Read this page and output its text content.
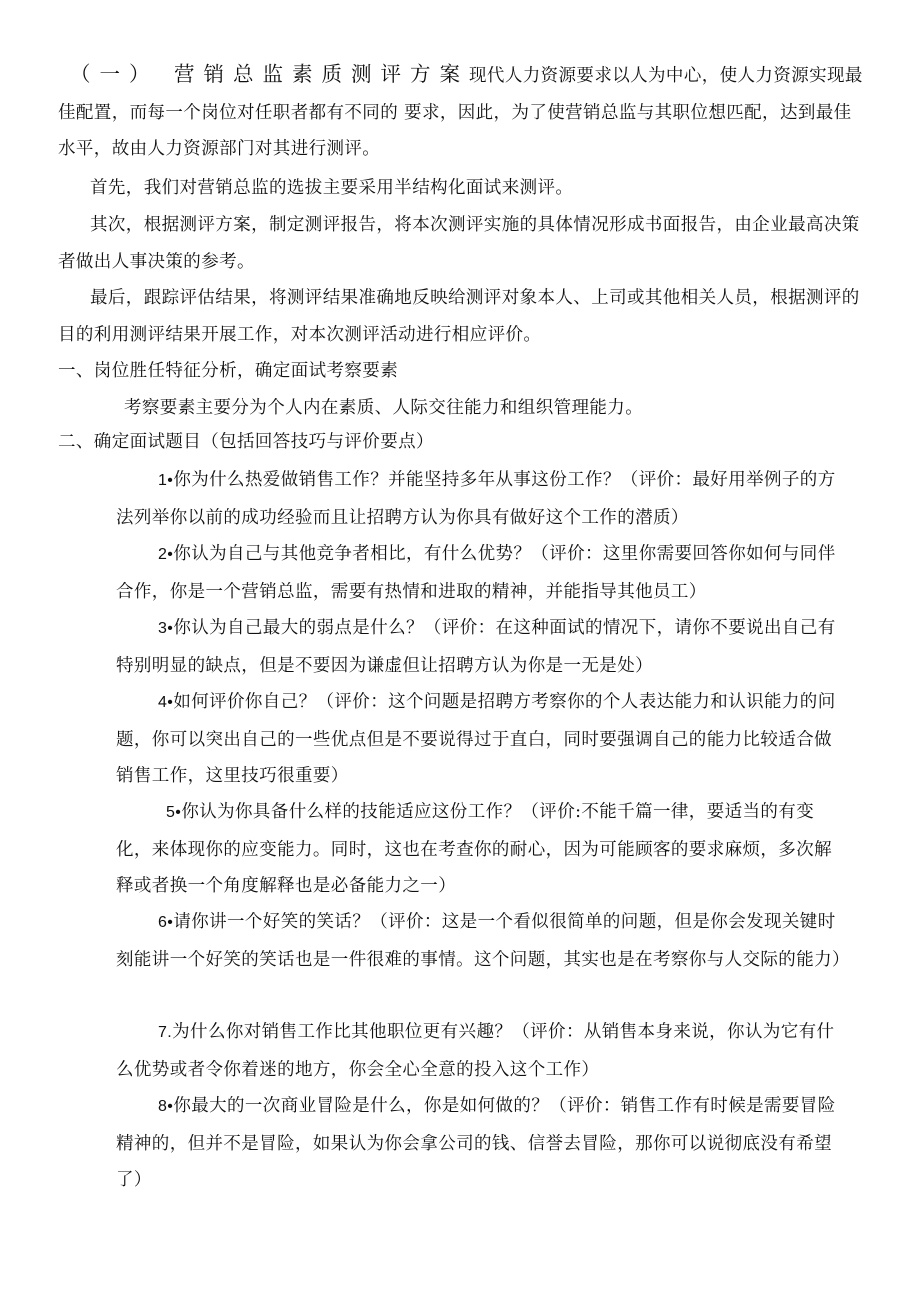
（一） 营销总监素质测评方案现代人力资源要求以人为中心，使人力资源实现最佳配置，而每一个岗位对任职者都有不同的 要求，因此，为了使营销总监与其职位想匹配，达到最佳水平，故由人力资源部门对其进行测评。

首先，我们对营销总监的选拔主要采用半结构化面试来测评。

其次，根据测评方案，制定测评报告，将本次测评实施的具体情况形成书面报告，由企业最高决策者做出人事决策的参考。

最后，跟踪评估结果，将测评结果准确地反映给测评对象本人、上司或其他相关人员，根据测评的目的利用测评结果开展工作，对本次测评活动进行相应评价。

一、岗位胜任特征分析，确定面试考察要素

考察要素主要分为个人内在素质、人际交往能力和组织管理能力。

二、确定面试题目（包括回答技巧与评价要点）

1•你为什么热爱做销售工作？并能坚持多年从事这份工作？（评价：最好用举例子的方法列举你以前的成功经验而且让招聘方认为你具有做好这个工作的潜质）

2•你认为自己与其他竞争者相比，有什么优势？（评价：这里你需要回答你如何与同伴合作，你是一个营销总监，需要有热情和进取的精神，并能指导其他员工）

3•你认为自己最大的弱点是什么？（评价：在这种面试的情况下，请你不要说出自己有特别明显的缺点，但是不要因为谦虚但让招聘方认为你是一无是处）

4•如何评价你自己？（评价：这个问题是招聘方考察你的个人表达能力和认识能力的问题，你可以突出自己的一些优点但是不要说得过于直白，同时要强调自己的能力比较适合做销售工作，这里技巧很重要）

5•你认为你具备什么样的技能适应这份工作？（评价:不能千篇一律，要适当的有变化，来体现你的应变能力。同时，这也在考查你的耐心，因为可能顾客的要求麻烦，多次解释或者换一个角度解释也是必备能力之一）

6•请你讲一个好笑的笑话？（评价：这是一个看似很简单的问题，但是你会发现关键时刻能讲一个好笑的笑话也是一件很难的事情。这个问题，其实也是在考察你与人交际的能力）

7.为什么你对销售工作比其他职位更有兴趣？（评价：从销售本身来说，你认为它有什么优势或者令你着迷的地方，你会全心全意的投入这个工作）

8•你最大的一次商业冒险是什么，你是如何做的？（评价：销售工作有时候是需要冒险精神的，但并不是冒险，如果认为你会拿公司的钱、信誉去冒险，那你可以说彻底没有希望了）
